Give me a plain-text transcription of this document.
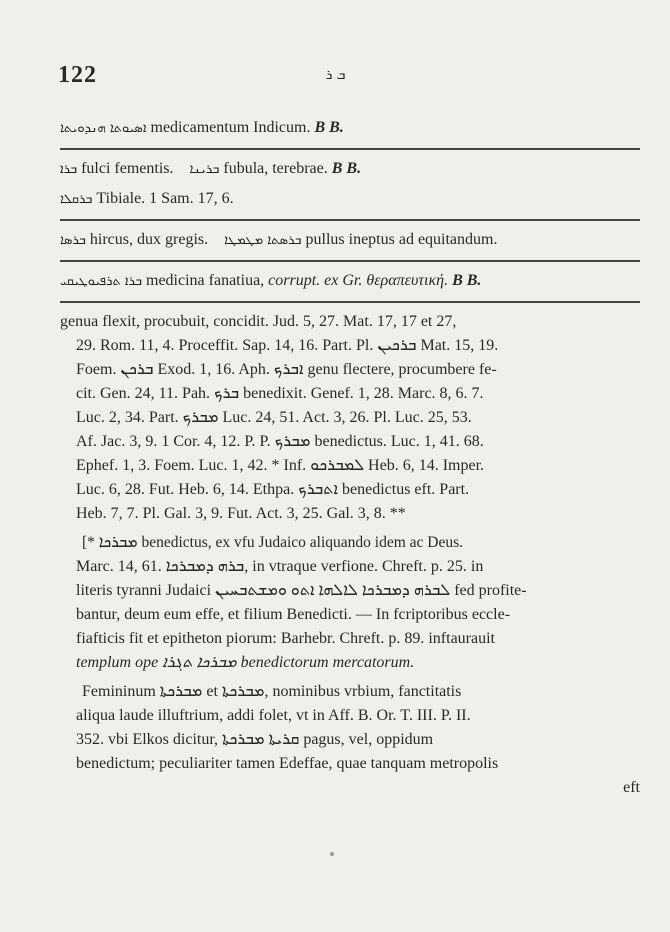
122	ܒ ܪ
ܐܣܝܘܬܐ ܗܢܕܘܝܬܐ medicamentum Indicum. B B.
ܒܪܐ fulci fementis. ܒܪܝܢܐ fubula, terebrae. B B.
ܒܪܩܠܐ Tibiale. 1 Sam. 17, 6.
ܒܪܣܐ hircus, dux gregis. ܒܪܣܬܐ ܡܛܡܛܐ pullus ineptus ad equitandum.
ܒܪܐ ܬܪܦܝܘܛܝܩܝ medicina fanatiua, corrupt. ex Gr. θεραπευτική. B B.
genua flexit, procubuit, concidit. Jud. 5, 27. Mat. 17, 17 et 27,
29. Rom. 11, 4. Proceffit. Sap. 14, 16. Part. Pl. ܒܪܟܝܢ Mat. 15, 19.
Foem. ܒܪܟܢ Exod. 1, 16. Aph. ܐܒܪܟ genu flectere, procumbere fe-
cit. Gen. 24, 11. Pah. ܒܪܟ benedixit. Genef. 1, 28. Marc. 8, 6. 7.
Luc. 2, 34. Part. ܡܒܪܟ Luc. 24, 51. Act. 3, 26. Pl. Luc. 25, 53.
Af. Jac. 3, 9. 1 Cor. 4, 12. P. P. ܡܒܪܟ benedictus. Luc. 1, 41. 68.
Ephef. 1, 3. Foem. Luc. 1, 42. * Inf. ܠܡܒܪܟܘ Heb. 6, 14. Imper.
Luc. 6, 28. Fut. Heb. 6, 14. Ethpa. ܐܬܒܪܟ benedictus eft. Part.
Heb. 7, 7. Pl. Gal. 3, 9. Fut. Act. 3, 25. Gal. 3, 8. **
[* ܡܒܪܟܐ benedictus, ex vfu Judaico aliquando idem ac Deus.
Marc. 14, 61. ܒܪܗ ܕܡܒܪܟܐ, in vtraque verfione. Chreft. p. 25. in
literis tyranni Judaici ܠܒܪܗ ܕܡܒܪܟܐ ܠܐܠܗܐ ܐܬܘ ܘܡܫܬܒܚܝܢ fed profite-
bantur, deum eum effe, et filium Benedicti. — In fcriptoribus eccle-
fiafticis fit et epitheton piorum: Barhebr. Chreft. p. 89. inftaurauit
templum ope ܡܒܪܟܐ ܬܓܪܐ benedictorum mercatorum.
Femininum ܡܒܪܟܬܐ et ܡܒܪܟܬܐ, nominibus vrbium, fanctitatis
aliqua laude illuftrium, addi folet, vt in Aff. B. Or. T. III. P. II.
352. vbi Elkos dicitur, ܩܪܝܬܐ ܡܒܪܟܬܐ pagus, vel, oppidum
benedictum; peculiariter tamen Edeffae, quae tanquam metropolis
eft
